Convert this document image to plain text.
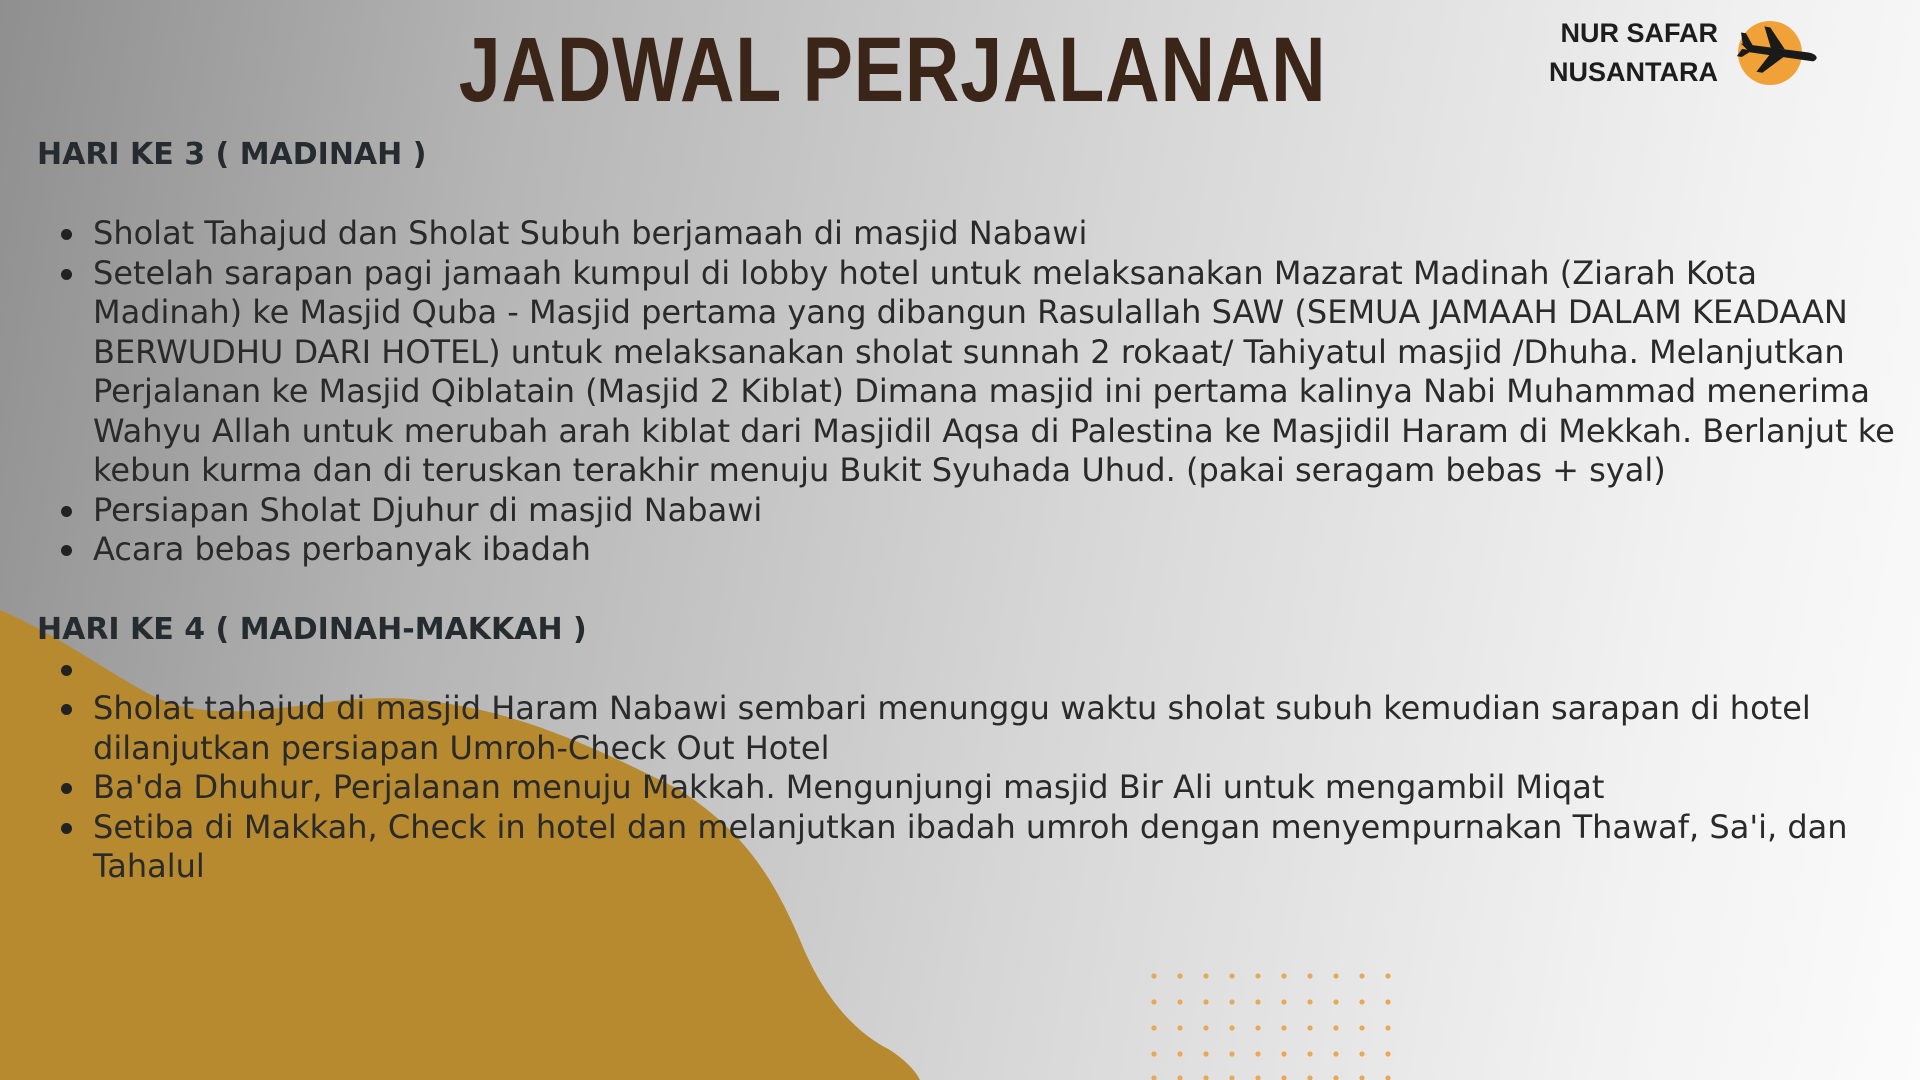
JADWAL PERJALANAN	NUR SAFAR
NUSANTARA
HARI KE 3 ( MADINAH )
Sholat Tahajud dan Sholat Subuh berjamaah di masjid Nabawi
Setelah sarapan pagi jamaah kumpul di lobby hotel untuk melaksanakan Mazarat Madinah (Ziarah Kota Madinah) ke Masjid Quba - Masjid pertama yang dibangun Rasulallah SAW (SEMUA JAMAAH DALAM KEADAAN BERWUDHU DARI HOTEL) untuk melaksanakan sholat sunnah 2 rokaat/ Tahiyatul masjid /Dhuha. Melanjutkan Perjalanan ke Masjid Qiblatain (Masjid 2 Kiblat) Dimana masjid ini pertama kalinya Nabi Muhammad menerima Wahyu Allah untuk merubah arah kiblat dari Masjidil Aqsa di Palestina ke Masjidil Haram di Mekkah. Berlanjut ke kebun kurma dan di teruskan terakhir menuju Bukit Syuhada Uhud. (pakai seragam bebas + syal)
Persiapan Sholat Djuhur di masjid Nabawi
Acara bebas perbanyak ibadah
HARI KE 4 ( MADINAH-MAKKAH )
Sholat tahajud di masjid Haram Nabawi sembari menunggu waktu sholat subuh kemudian sarapan di hotel dilanjutkan persiapan Umroh-Check Out Hotel
Ba'da Dhuhur, Perjalanan menuju Makkah. Mengunjungi masjid Bir Ali untuk mengambil Miqat
Setiba di Makkah, Check in hotel dan melanjutkan ibadah umroh dengan menyempurnakan Thawaf, Sa'i, dan Tahalul
